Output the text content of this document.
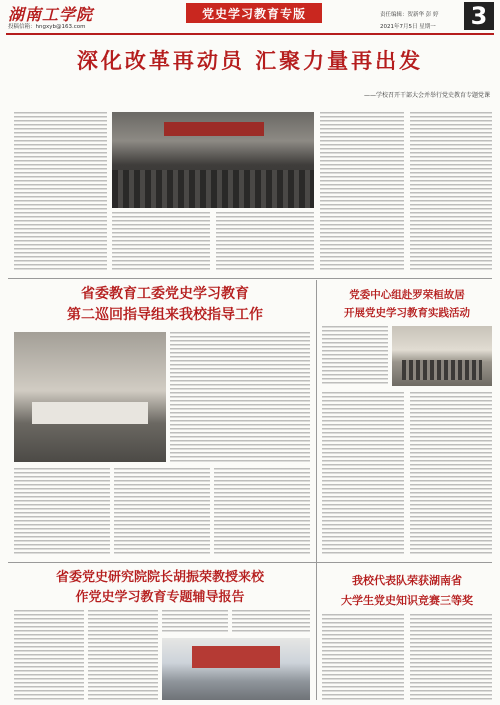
湖南工学院
投稿信箱：hngxyb@163.com
党史学习教育专版	责任编辑：贺新华 彭 婷
2021年7月5日 星期一 3
深化改革再动员 汇聚力量再出发
——学校召开干部大会并举行党史教育专题党课
省委教育工委党史学习教育
第二巡回指导组来我校指导工作
党委中心组赴罗荣桓故居
开展党史学习教育实践活动
省委党史研究院院长胡振荣教授来校
作党史学习教育专题辅导报告
我校代表队荣获湖南省
大学生党史知识竞赛三等奖
